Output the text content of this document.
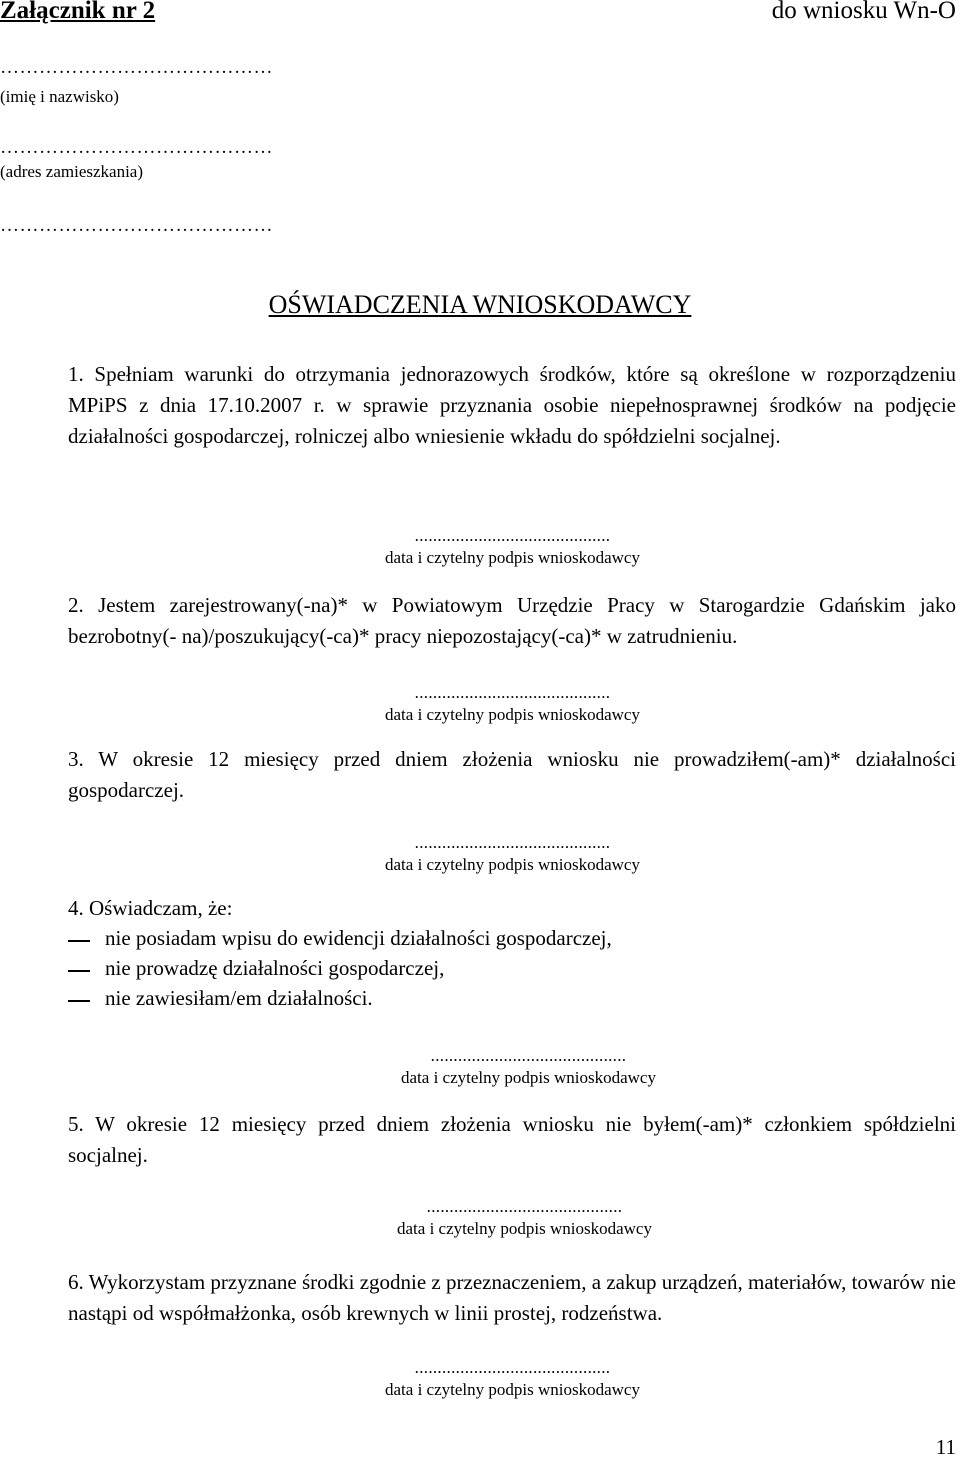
Załącznik nr 2	do wniosku Wn-O
……………………………………
(imię i nazwisko)
……………………………………
(adres zamieszkania)
……………………………………
OŚWIADCZENIA WNIOSKODAWCY
1. Spełniam warunki do otrzymania jednorazowych środków, które są określone w rozporządzeniu MPiPS z dnia 17.10.2007 r. w sprawie przyznania osobie niepełnosprawnej środków na podjęcie działalności gospodarczej, rolniczej albo wniesienie wkładu do spółdzielni socjalnej.
...........................................
data i czytelny podpis wnioskodawcy
2. Jestem zarejestrowany(-na)* w Powiatowym Urzędzie Pracy w Starogardzie Gdańskim jako bezrobotny(- na)/poszukujący(-ca)* pracy niepozostający(-ca)* w zatrudnieniu.
...........................................
data i czytelny podpis wnioskodawcy
3. W okresie 12 miesięcy przed dniem złożenia wniosku nie prowadziłem(-am)* działalności gospodarczej.
...........................................
data i czytelny podpis wnioskodawcy
4. Oświadczam, że:
nie posiadam wpisu do ewidencji działalności gospodarczej,
nie prowadzę działalności gospodarczej,
nie zawiesiłam/em działalności.
...........................................
data i czytelny podpis wnioskodawcy
5. W okresie 12 miesięcy przed dniem złożenia wniosku nie byłem(-am)* członkiem spółdzielni socjalnej.
...........................................
data i czytelny podpis wnioskodawcy
6. Wykorzystam przyznane środki zgodnie z przeznaczeniem, a zakup urządzeń, materiałów, towarów nie nastąpi od współmałżonka, osób krewnych w linii prostej, rodzeństwa.
...........................................
data i czytelny podpis wnioskodawcy
11
